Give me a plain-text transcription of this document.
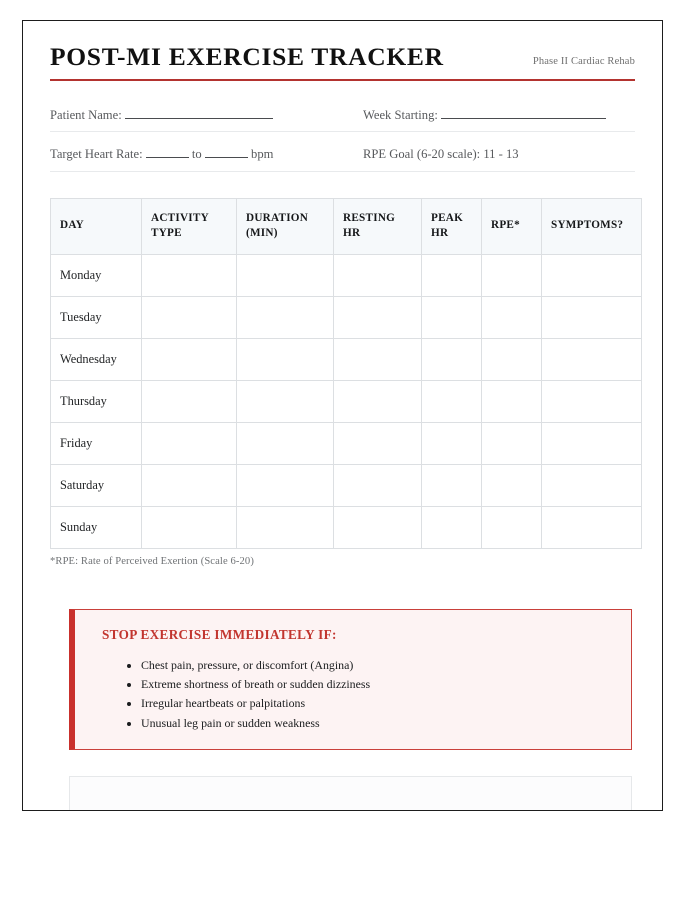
POST-MI EXERCISE TRACKER	Phase II Cardiac Rehab
Patient Name:	Week Starting:
Target Heart Rate:	to	bpm	RPE Goal (6-20 scale): 11 - 13
DAY	ACTIVITY TYPE	DURATION (MIN)	RESTING HR	PEAK HR	RPE*	SYMPTOMS?
Monday						
Tuesday						
Wednesday						
Thursday						
Friday						
Saturday						
Sunday						
*RPE: Rate of Perceived Exertion (Scale 6-20)
STOP EXERCISE IMMEDIATELY IF:
• Chest pain, pressure, or discomfort (Angina)
• Extreme shortness of breath or sudden dizziness
• Irregular heartbeats or palpitations
• Unusual leg pain or sudden weakness
